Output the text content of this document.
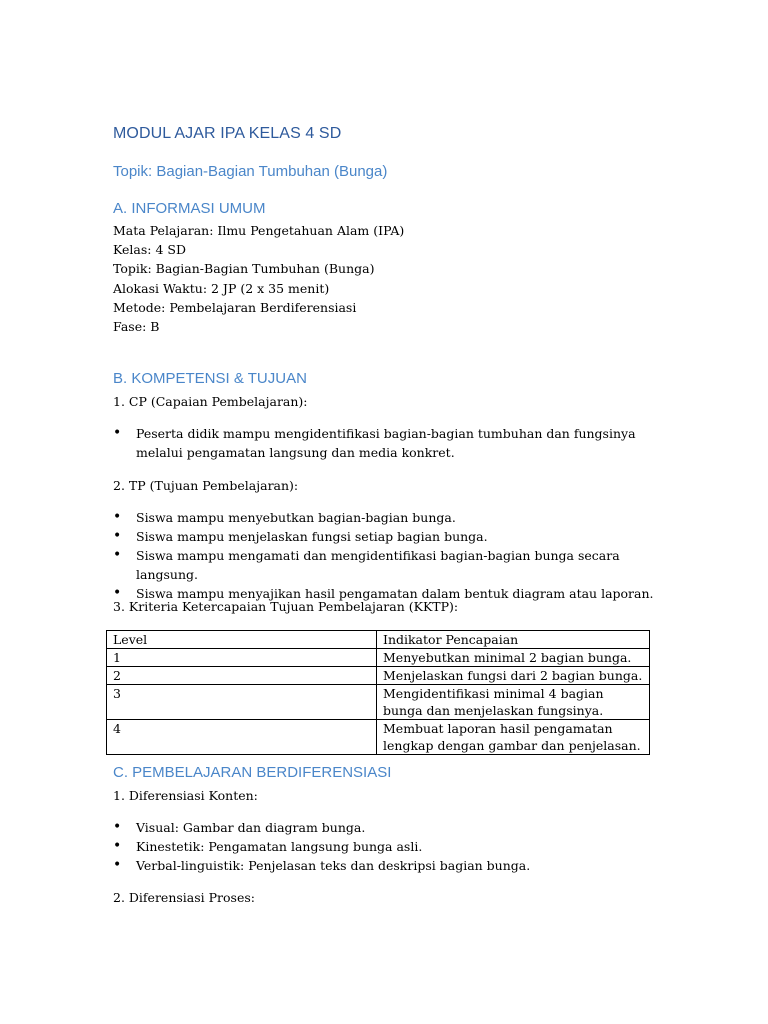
MODUL AJAR IPA KELAS 4 SD
Topik: Bagian-Bagian Tumbuhan (Bunga)
A. INFORMASI UMUM
Mata Pelajaran: Ilmu Pengetahuan Alam (IPA)
Kelas: 4 SD
Topik: Bagian-Bagian Tumbuhan (Bunga)
Alokasi Waktu: 2 JP (2 x 35 menit)
Metode: Pembelajaran Berdiferensiasi
Fase: B
B. KOMPETENSI & TUJUAN

1. CP (Capaian Pembelajaran):

• Peserta didik mampu mengidentifikasi bagian-bagian tumbuhan dan fungsinya melalui pengamatan langsung dan media konkret.

2. TP (Tujuan Pembelajaran):

• Siswa mampu menyebutkan bagian-bagian bunga.
• Siswa mampu menjelaskan fungsi setiap bagian bunga.
• Siswa mampu mengamati dan mengidentifikasi bagian-bagian bunga secara langsung.
• Siswa mampu menyajikan hasil pengamatan dalam bentuk diagram atau laporan.

3. Kriteria Ketercapaian Tujuan Pembelajaran (KKTP):

Level	Indikator Pencapaian
1	Menyebutkan minimal 2 bagian bunga.
2	Menjelaskan fungsi dari 2 bagian bunga.
3	Mengidentifikasi minimal 4 bagian bunga dan menjelaskan fungsinya.
4	Membuat laporan hasil pengamatan lengkap dengan gambar dan penjelasan.
C. PEMBELAJARAN BERDIFERENSIASI

1. Diferensiasi Konten:

• Visual: Gambar dan diagram bunga.
• Kinestetik: Pengamatan langsung bunga asli.
• Verbal-linguistik: Penjelasan teks dan deskripsi bagian bunga.

2. Diferensiasi Proses:
